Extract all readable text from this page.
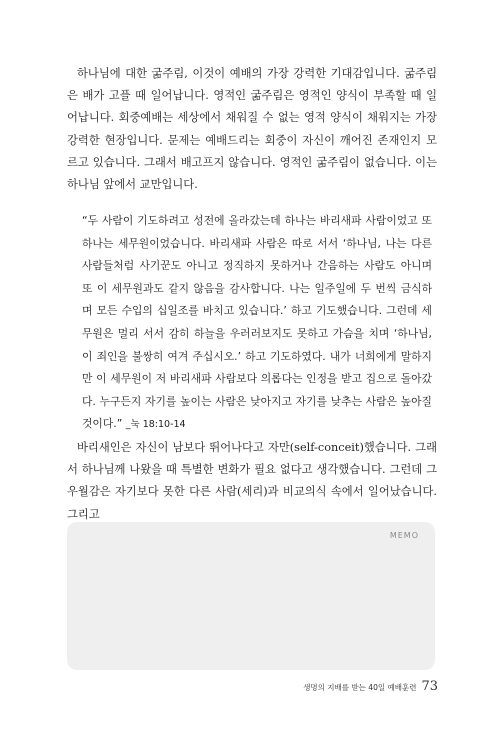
하나님에 대한 굶주림, 이것이 예배의 가장 강력한 기대감입니다. 굶주림은 배가 고플 때 일어납니다. 영적인 굶주림은 영적인 양식이 부족할 때 일어납니다. 회중예배는 세상에서 채워질 수 없는 영적 양식이 채워지는 가장 강력한 현장입니다. 문제는 예배드리는 회중이 자신이 깨어진 존재인지 모르고 있습니다. 그래서 배고프지 않습니다. 영적인 굶주림이 없습니다. 이는 하나님 앞에서 교만입니다.

“두 사람이 기도하려고 성전에 올라갔는데 하나는 바리새파 사람이었고 또 하나는 세무원이었습니다. 바리새파 사람은 따로 서서 ‘하나님, 나는 다른 사람들처럼 사기꾼도 아니고 정직하지 못하거나 간음하는 사람도 아니며 또 이 세무원과도 같지 않음을 감사합니다. 나는 일주일에 두 번씩 금식하며 모든 수입의 십일조를 바치고 있습니다.’ 하고 기도했습니다. 그런데 세무원은 멀리 서서 감히 하늘을 우러러보지도 못하고 가슴을 치며 ‘하나님, 이 죄인을 불쌍히 여겨 주십시오.’ 하고 기도하였다. 내가 너희에게 말하지만 이 세무원이 저 바리새파 사람보다 의롭다는 인정을 받고 집으로 돌아갔다. 누구든지 자기를 높이는 사람은 낮아지고 자기를 낮추는 사람은 높아질 것이다.” _눅 18:10-14

바리새인은 자신이 남보다 뛰어나다고 자만(self-conceit)했습니다. 그래서 하나님께 나왔을 때 특별한 변화가 필요 없다고 생각했습니다. 그런데 그 우월감은 자기보다 못한 다른 사람(세리)과 비교의식 속에서 일어났습니다. 그리고

MEMO
생명의 지배를 받는 40일 예배훈련 73
